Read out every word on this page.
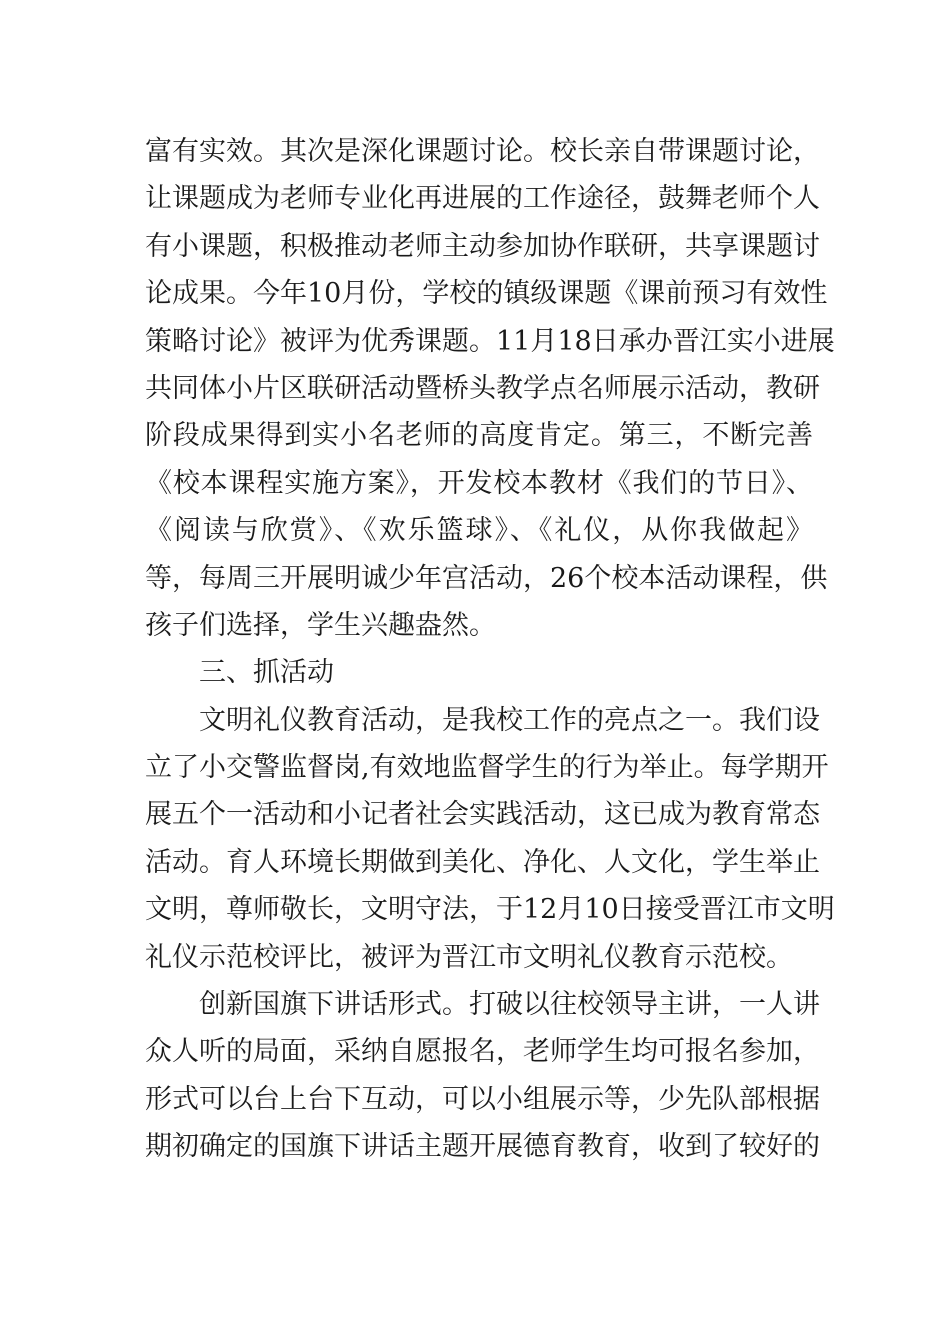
富有实效。其次是深化课题讨论。校长亲自带课题讨论，
让课题成为老师专业化再进展的工作途径，鼓舞老师个人
有小课题，积极推动老师主动参加协作联研，共享课题讨
论成果。今年10月份，学校的镇级课题《课前预习有效性
策略讨论》被评为优秀课题。11月18日承办晋江实小进展
共同体小片区联研活动暨桥头教学点名师展示活动，教研
阶段成果得到实小名老师的高度肯定。第三，不断完善
《校本课程实施方案》，开发校本教材《我们的节日》、
《阅读与欣赏》、《欢乐篮球》、《礼仪，从你我做起》
等，每周三开展明诚少年宫活动，26个校本活动课程，供
孩子们选择，学生兴趣盎然。
三、抓活动
文明礼仪教育活动，是我校工作的亮点之一。我们设
立了小交警监督岗,有效地监督学生的行为举止。每学期开
展五个一活动和小记者社会实践活动，这已成为教育常态
活动。育人环境长期做到美化、净化、人文化，学生举止
文明，尊师敬长，文明守法，于12月10日接受晋江市文明
礼仪示范校评比，被评为晋江市文明礼仪教育示范校。
创新国旗下讲话形式。打破以往校领导主讲，一人讲
众人听的局面，采纳自愿报名，老师学生均可报名参加，
形式可以台上台下互动，可以小组展示等，少先队部根据
期初确定的国旗下讲话主题开展德育教育，收到了较好的
